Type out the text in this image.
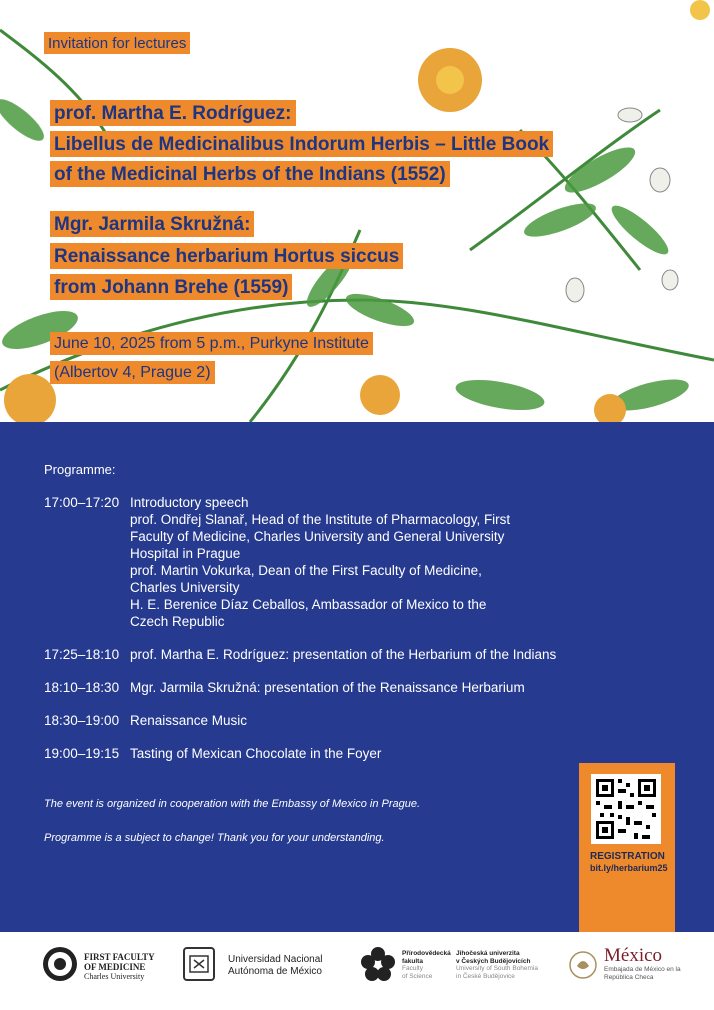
Invitation for lectures
prof. Martha E. Rodríguez:
Libellus de Medicinalibus Indorum Herbis – Little Book
of the Medicinal Herbs of the Indians (1552)
Mgr. Jarmila Skružná:
Renaissance herbarium Hortus siccus
from Johann Brehe (1559)
June 10, 2025 from 5 p.m., Purkyne Institute
(Albertov 4, Prague 2)
Programme:
17:00–17:20 Introductory speech
prof. Ondřej Slanař, Head of the Institute of Pharmacology, First
Faculty of Medicine, Charles University and General University
Hospital in Prague
prof. Martin Vokurka, Dean of the First Faculty of Medicine,
Charles University
H. E. Berenice Díaz Ceballos, Ambassador of Mexico to the
Czech Republic
17:25–18:10 prof. Martha E. Rodríguez: presentation of the Herbarium of the Indians
18:10–18:30 Mgr. Jarmila Skružná: presentation of the Renaissance Herbarium
18:30–19:00 Renaissance Music
19:00–19:15 Tasting of Mexican Chocolate in the Foyer
The event is organized in cooperation with the Embassy of Mexico in Prague.
Programme is a subject to change! Thank you for your understanding.
REGISTRATION
bit.ly/herbarium25
FIRST FACULTY
OF MEDICINE
Charles University
Universidad Nacional
Autónoma de México
Přírodovědecká
fakulta
Faculty
of Science
Jihočeská univerzita
v Českých Budějovicích
University of South Bohemia
in České Budějovice
México
Embajada de México en la
República Checa
